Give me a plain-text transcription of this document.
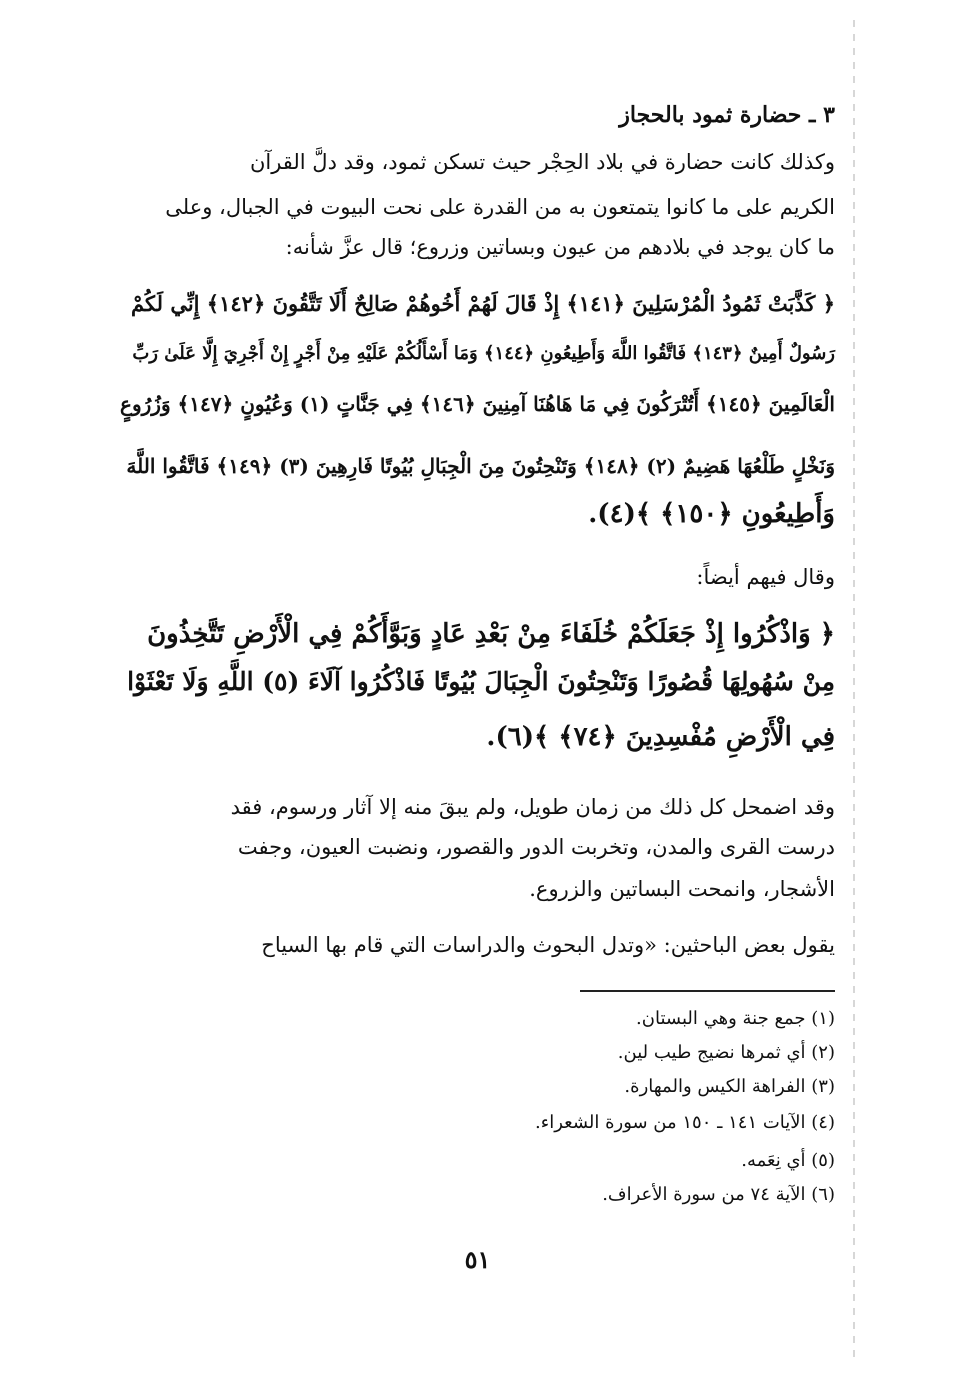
٣ ـ حضارة ثمود بالحجاز
وكذلك كانت حضارة في بلاد الحِجْر حيث تسكن ثمود، وقد دلَّ القرآن
الكريم على ما كانوا يتمتعون به من القدرة على نحت البيوت في الجبال، وعلى
ما كان يوجد في بلادهم من عيون وبساتين وزروع؛ قال عزَّ شأنه:
﴿ كَذَّبَتْ ثَمُودُ الْمُرْسَلِينَ ﴿١٤١﴾ إِذْ قَالَ لَهُمْ أَخُوهُمْ صَالِحٌ أَلَا تَتَّقُونَ ﴿١٤٢﴾ إِنِّي لَكُمْ
رَسُولٌ أَمِينٌ ﴿١٤٣﴾ فَاتَّقُوا اللَّهَ وَأَطِيعُونِ ﴿١٤٤﴾ وَمَا أَسْأَلُكُمْ عَلَيْهِ مِنْ أَجْرٍ إِنْ أَجْرِيَ إِلَّا عَلَىٰ رَبِّ
الْعَالَمِينَ ﴿١٤٥﴾ أَتُتْرَكُونَ فِي مَا هَاهُنَا آمِنِينَ ﴿١٤٦﴾ فِي جَنَّاتٍ (١) وَعُيُونٍ ﴿١٤٧﴾ وَزُرُوعٍ
وَنَخْلٍ طَلْعُهَا هَضِيمٌ (٢) ﴿١٤٨﴾ وَتَنْحِتُونَ مِنَ الْجِبَالِ بُيُوتًا فَارِهِينَ (٣) ﴿١٤٩﴾ فَاتَّقُوا اللَّهَ
وَأَطِيعُونِ ﴿١٥٠﴾ ﴾(٤).
وقال فيهم أيضاً:
﴿ وَاذْكُرُوا إِذْ جَعَلَكُمْ خُلَفَاءَ مِنْ بَعْدِ عَادٍ وَبَوَّأَكُمْ فِي الْأَرْضِ تَتَّخِذُونَ
مِنْ سُهُولِهَا قُصُورًا وَتَنْحِتُونَ الْجِبَالَ بُيُوتًا فَاذْكُرُوا آلَاءَ (٥) اللَّهِ وَلَا تَعْثَوْا
فِي الْأَرْضِ مُفْسِدِينَ ﴿٧٤﴾ ﴾(٦).
وقد اضمحل كل ذلك من زمان طويل، ولم يبقَ منه إلا آثار ورسوم، فقد
درست القرى والمدن، وتخربت الدور والقصور، ونضبت العيون، وجفت
الأشجار، وانمحت البساتين والزروع.
يقول بعض الباحثين: «وتدل البحوث والدراسات التي قام بها السياح
(١) جمع جنة وهي البستان.
(٢) أي ثمرها نضيج طيب لين.
(٣) الفراهة الكيس والمهارة.
(٤) الآيات ١٤١ ـ ١٥٠ من سورة الشعراء.
(٥) أي نِعَمه.
(٦) الآية ٧٤ من سورة الأعراف.
٥١
